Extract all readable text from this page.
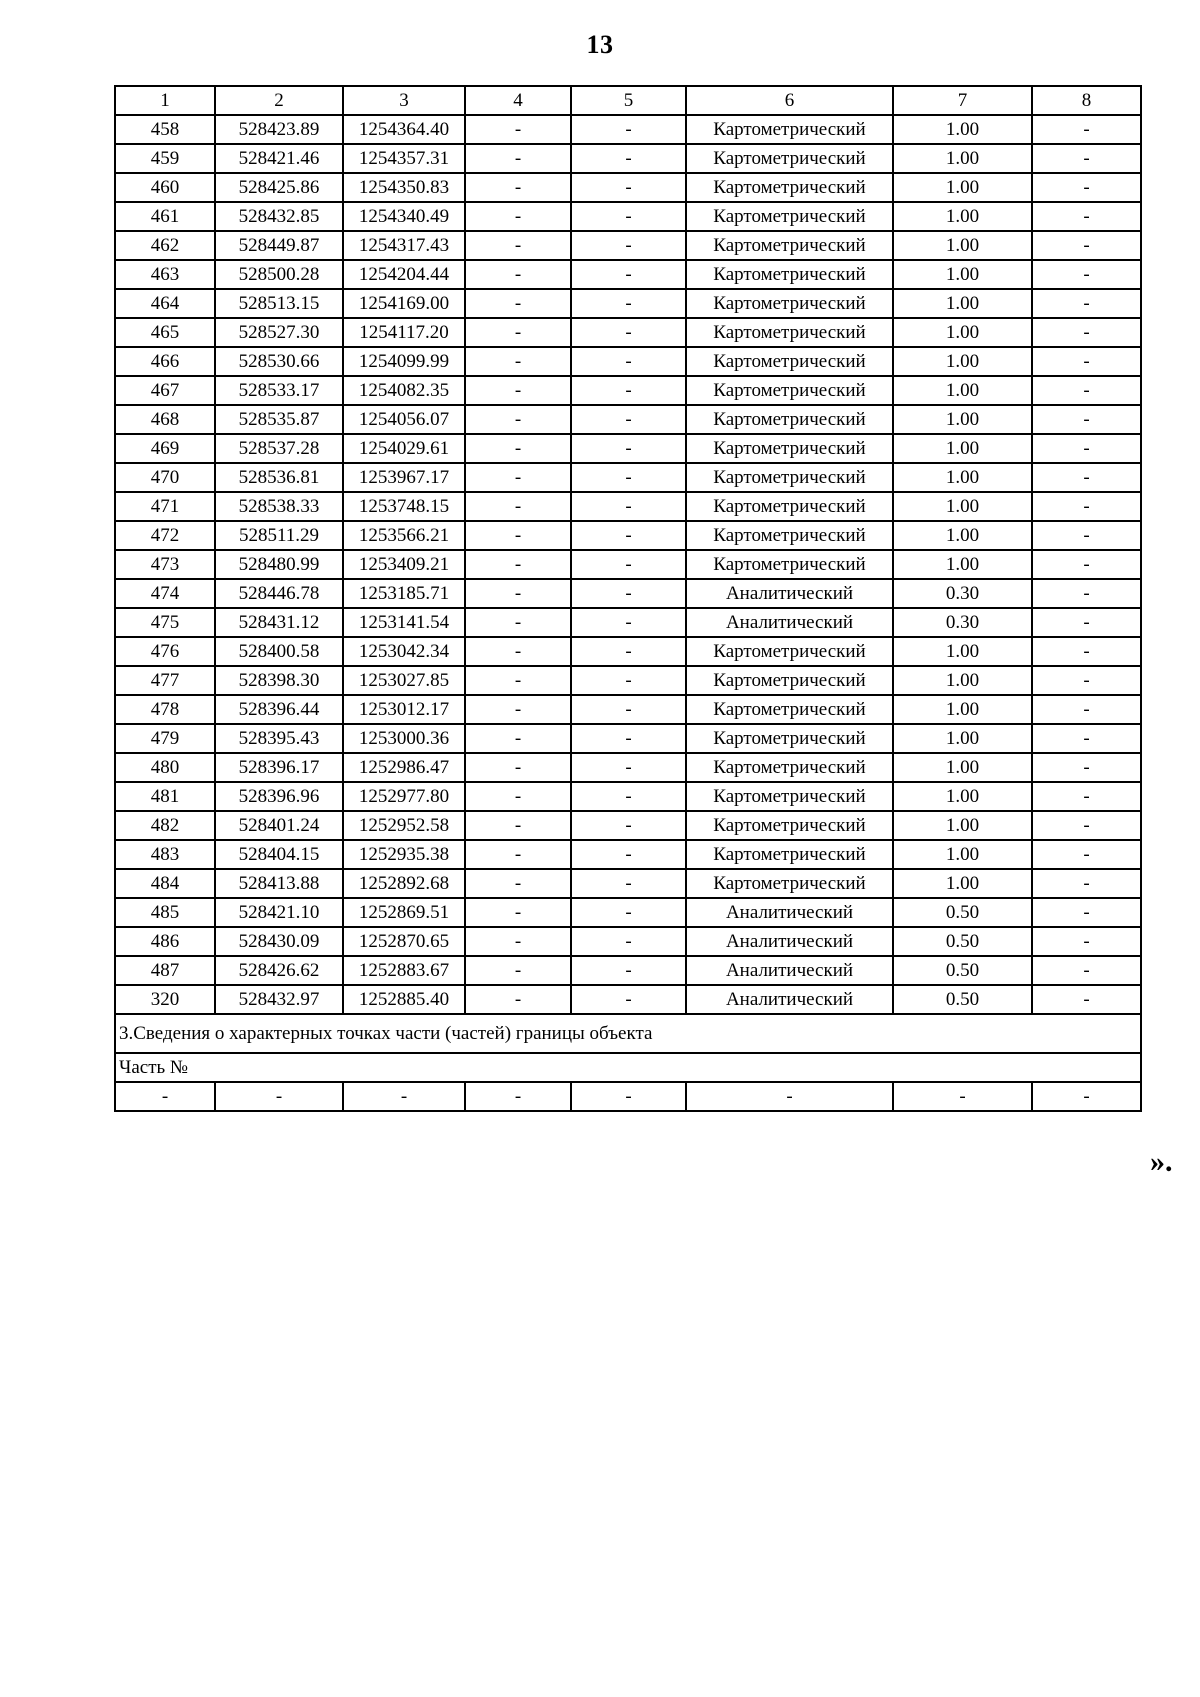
13
1	2	3	4	5	6	7	8
458	528423.89	1254364.40	-	-	Картометрический	1.00	-
459	528421.46	1254357.31	-	-	Картометрический	1.00	-
460	528425.86	1254350.83	-	-	Картометрический	1.00	-
461	528432.85	1254340.49	-	-	Картометрический	1.00	-
462	528449.87	1254317.43	-	-	Картометрический	1.00	-
463	528500.28	1254204.44	-	-	Картометрический	1.00	-
464	528513.15	1254169.00	-	-	Картометрический	1.00	-
465	528527.30	1254117.20	-	-	Картометрический	1.00	-
466	528530.66	1254099.99	-	-	Картометрический	1.00	-
467	528533.17	1254082.35	-	-	Картометрический	1.00	-
468	528535.87	1254056.07	-	-	Картометрический	1.00	-
469	528537.28	1254029.61	-	-	Картометрический	1.00	-
470	528536.81	1253967.17	-	-	Картометрический	1.00	-
471	528538.33	1253748.15	-	-	Картометрический	1.00	-
472	528511.29	1253566.21	-	-	Картометрический	1.00	-
473	528480.99	1253409.21	-	-	Картометрический	1.00	-
474	528446.78	1253185.71	-	-	Аналитический	0.30	-
475	528431.12	1253141.54	-	-	Аналитический	0.30	-
476	528400.58	1253042.34	-	-	Картометрический	1.00	-
477	528398.30	1253027.85	-	-	Картометрический	1.00	-
478	528396.44	1253012.17	-	-	Картометрический	1.00	-
479	528395.43	1253000.36	-	-	Картометрический	1.00	-
480	528396.17	1252986.47	-	-	Картометрический	1.00	-
481	528396.96	1252977.80	-	-	Картометрический	1.00	-
482	528401.24	1252952.58	-	-	Картометрический	1.00	-
483	528404.15	1252935.38	-	-	Картометрический	1.00	-
484	528413.88	1252892.68	-	-	Картометрический	1.00	-
485	528421.10	1252869.51	-	-	Аналитический	0.50	-
486	528430.09	1252870.65	-	-	Аналитический	0.50	-
487	528426.62	1252883.67	-	-	Аналитический	0.50	-
320	528432.97	1252885.40	-	-	Аналитический	0.50	-
3.Сведения о характерных точках части (частей) границы объекта							
Часть №							
-	-	-	-	-	-	-	-
».
